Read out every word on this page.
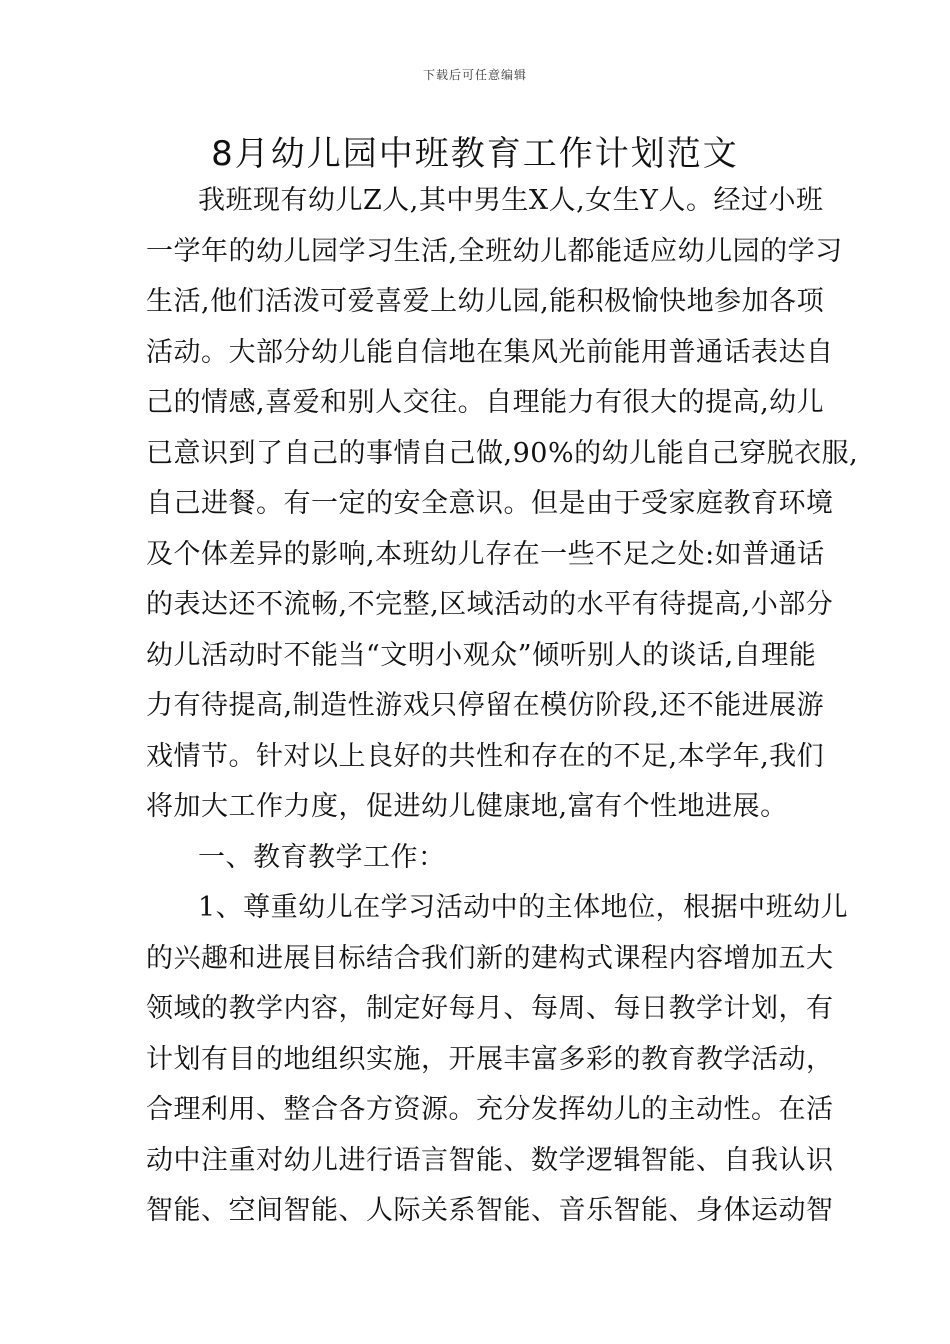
下载后可任意编辑
8月幼儿园中班教育工作计划范文
我班现有幼儿Z人,其中男生X人,女生Y人。经过小班
一学年的幼儿园学习生活,全班幼儿都能适应幼儿园的学习
生活,他们活泼可爱喜爱上幼儿园,能积极愉快地参加各项
活动。大部分幼儿能自信地在集风光前能用普通话表达自
己的情感,喜爱和别人交往。自理能力有很大的提高,幼儿
已意识到了自己的事情自己做,90%的幼儿能自己穿脱衣服,
自己进餐。有一定的安全意识。但是由于受家庭教育环境
及个体差异的影响,本班幼儿存在一些不足之处:如普通话
的表达还不流畅,不完整,区域活动的水平有待提高,小部分
幼儿活动时不能当“文明小观众”倾听别人的谈话,自理能
力有待提高,制造性游戏只停留在模仿阶段,还不能进展游
戏情节。针对以上良好的共性和存在的不足,本学年,我们
将加大工作力度，促进幼儿健康地,富有个性地进展。
一、教育教学工作：
1、尊重幼儿在学习活动中的主体地位，根据中班幼儿
的兴趣和进展目标结合我们新的建构式课程内容增加五大
领域的教学内容，制定好每月、每周、每日教学计划，有
计划有目的地组织实施，开展丰富多彩的教育教学活动，
合理利用、整合各方资源。充分发挥幼儿的主动性。在活
动中注重对幼儿进行语言智能、数学逻辑智能、自我认识
智能、空间智能、人际关系智能、音乐智能、身体运动智
